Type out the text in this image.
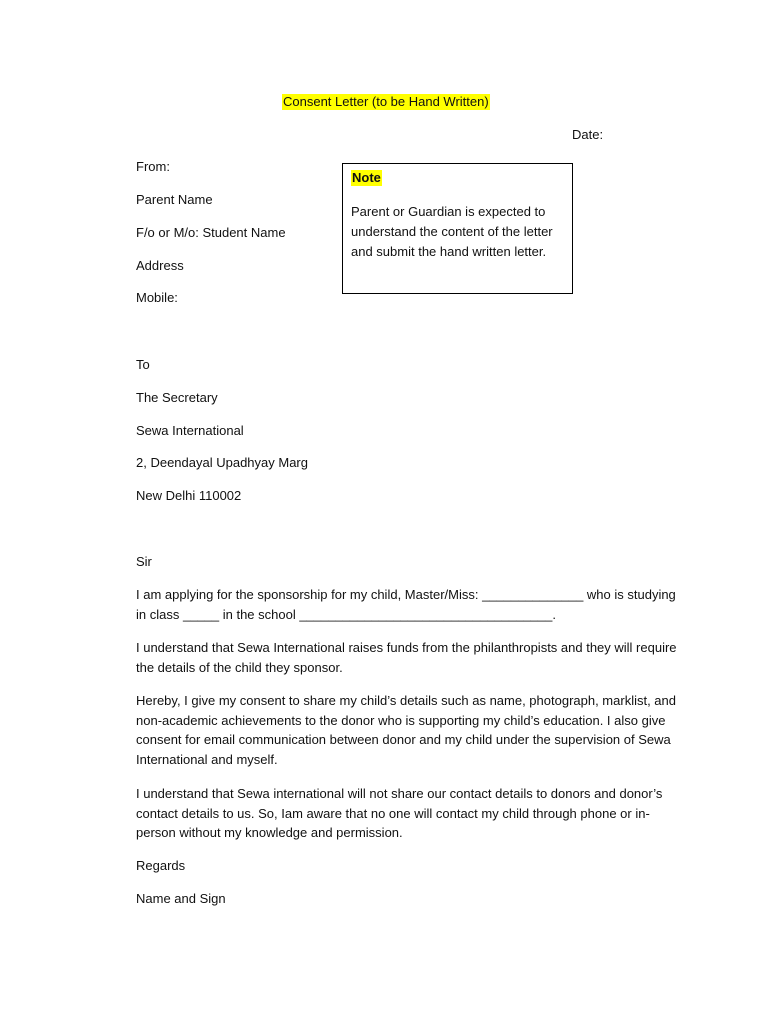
Consent Letter (to be Hand Written)
Date:
From:
Parent Name
F/o or M/o: Student Name
Address
Mobile:
Note
Parent or Guardian is expected to understand the content of the letter and submit the hand written letter.
To
The Secretary
Sewa International
2, Deendayal Upadhyay Marg
New Delhi 110002
Sir
I am applying for the sponsorship for my child, Master/Miss: ______________ who is studying in class _____ in the school ___________________________________.
I understand that Sewa International raises funds from the philanthropists and they will require the details of the child they sponsor.
Hereby, I give my consent to share my child’s details such as name, photograph, marklist, and non-academic achievements to the donor who is supporting my child’s education. I also give consent for email communication between donor and my child under the supervision of Sewa International and myself.
I understand that Sewa international will not share our contact details to donors and donor’s contact details to us. So, Iam aware that no one will contact my child through phone or in-person without my knowledge and permission.
Regards
Name and Sign
